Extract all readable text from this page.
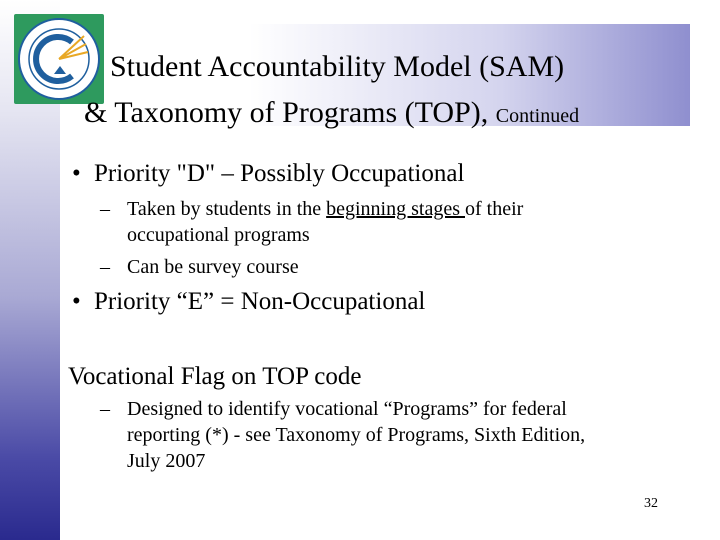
Student Accountability Model (SAM)
& Taxonomy of Programs (TOP), Continued
• Priority "D" – Possibly Occupational
– Taken by students in the beginning stages of their
occupational programs
– Can be survey course
• Priority “E” = Non-Occupational
Vocational Flag on TOP code
– Designed to identify vocational “Programs” for federal
reporting (*) - see Taxonomy of Programs, Sixth Edition,
July 2007
32
